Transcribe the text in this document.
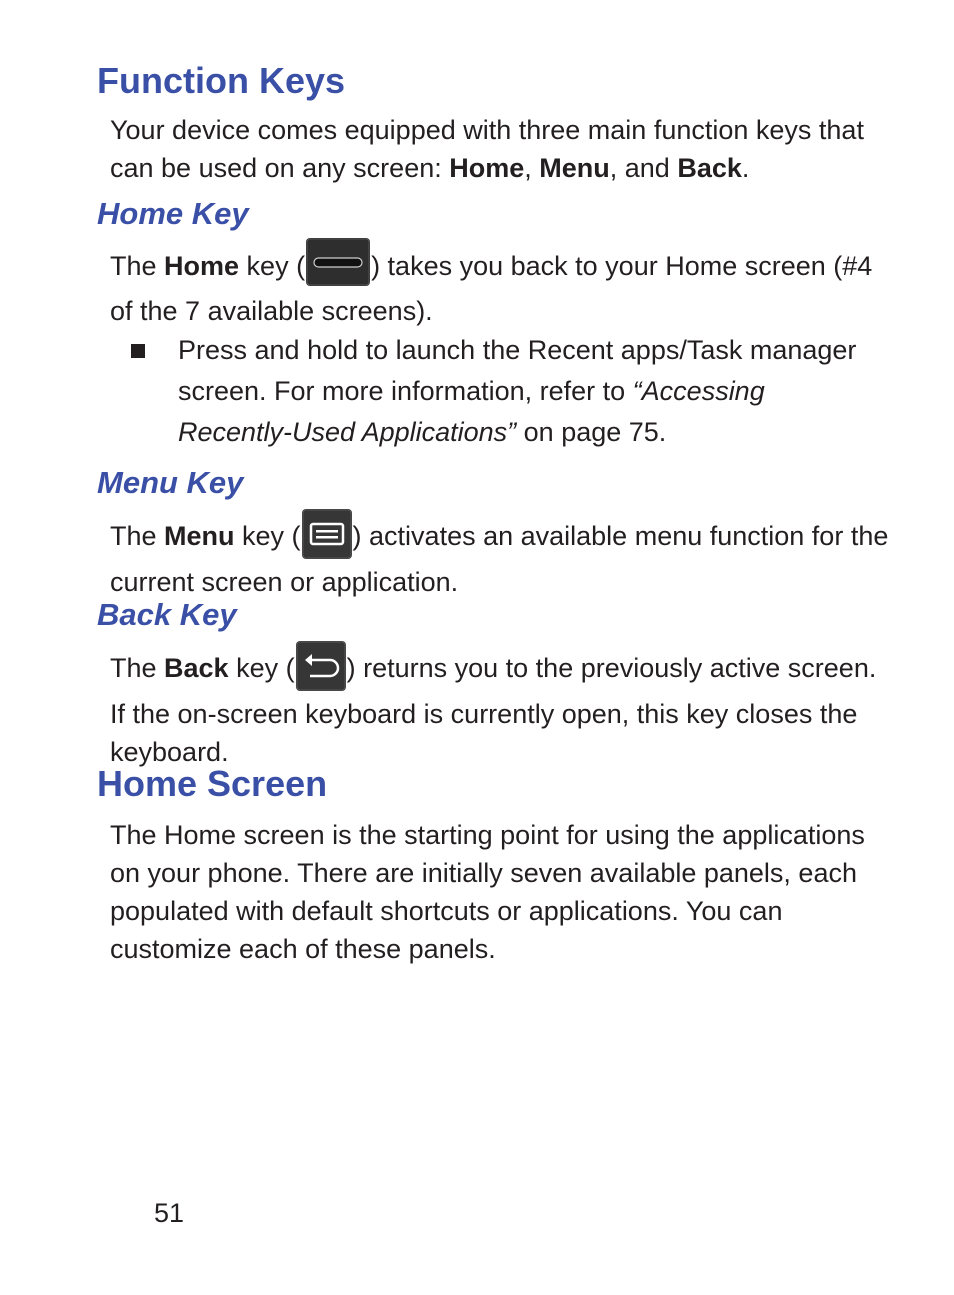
Function Keys

Your device comes equipped with three main function keys that can be used on any screen: Home, Menu, and Back.

Home Key

The Home key ( ) takes you back to your Home screen (#4 of the 7 available screens).

Press and hold to launch the Recent apps/Task manager screen. For more information, refer to “Accessing Recently-Used Applications” on page 75.

Menu Key

The Menu key ( ) activates an available menu function for the current screen or application.

Back Key

The Back key ( ) returns you to the previously active screen. If the on-screen keyboard is currently open, this key closes the keyboard.

Home Screen

The Home screen is the starting point for using the applications on your phone. There are initially seven available panels, each populated with default shortcuts or applications. You can customize each of these panels.

51
